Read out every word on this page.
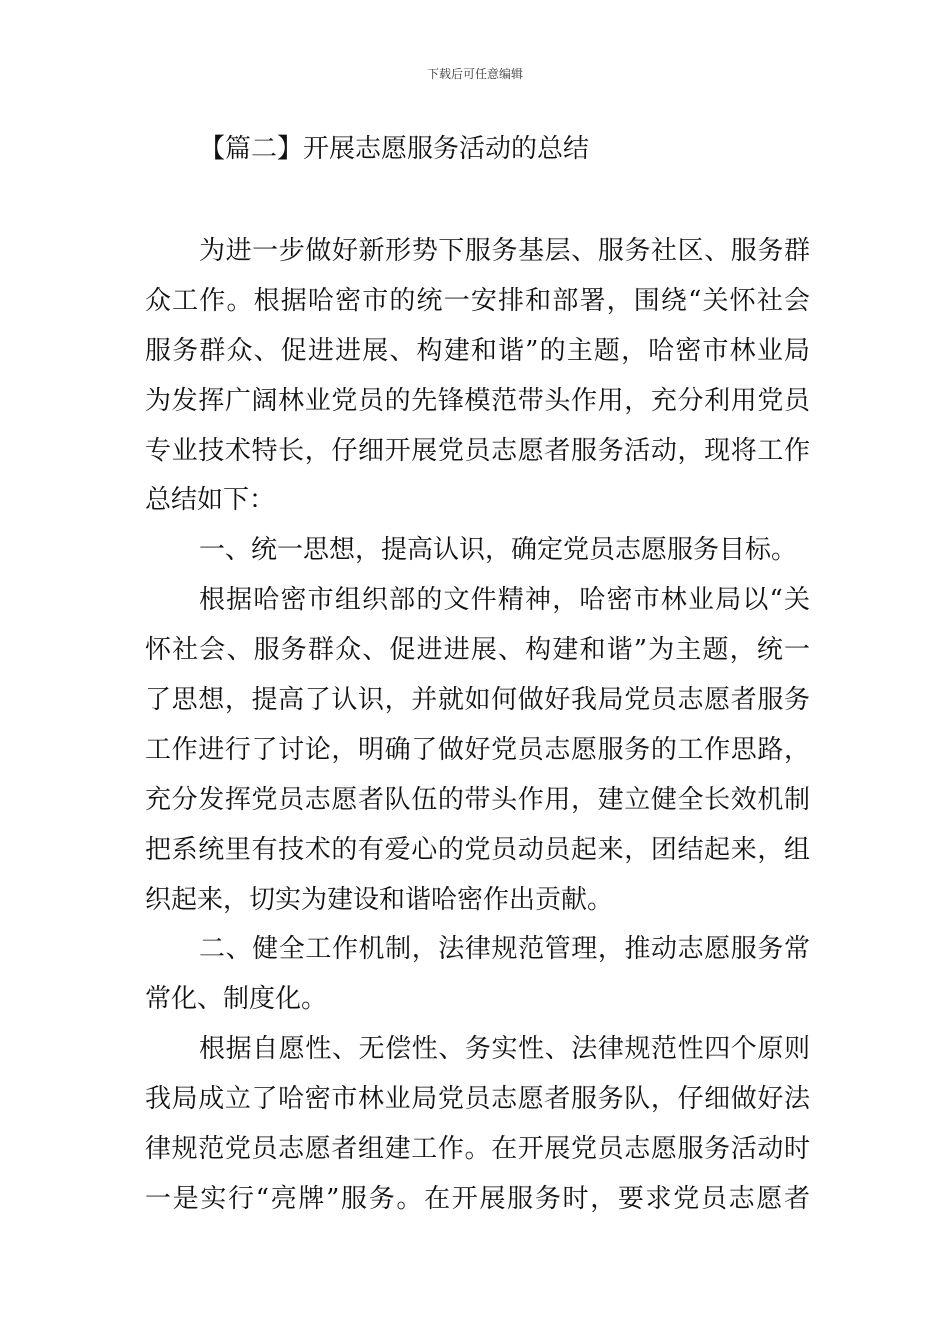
下载后可任意编辑
【篇二】开展志愿服务活动的总结
为进一步做好新形势下服务基层、服务社区、服务群
众工作。根据哈密市的统一安排和部署，围绕“关怀社会
服务群众、促进进展、构建和谐”的主题，哈密市林业局
为发挥广阔林业党员的先锋模范带头作用，充分利用党员
专业技术特长，仔细开展党员志愿者服务活动，现将工作
总结如下：
一、统一思想，提高认识，确定党员志愿服务目标。
根据哈密市组织部的文件精神，哈密市林业局以“关
怀社会、服务群众、促进进展、构建和谐”为主题，统一
了思想，提高了认识，并就如何做好我局党员志愿者服务
工作进行了讨论，明确了做好党员志愿服务的工作思路，
充分发挥党员志愿者队伍的带头作用，建立健全长效机制
把系统里有技术的有爱心的党员动员起来，团结起来，组
织起来，切实为建设和谐哈密作出贡献。
二、健全工作机制，法律规范管理，推动志愿服务常
常化、制度化。
根据自愿性、无偿性、务实性、法律规范性四个原则
我局成立了哈密市林业局党员志愿者服务队，仔细做好法
律规范党员志愿者组建工作。在开展党员志愿服务活动时
一是实行“亮牌”服务。在开展服务时，要求党员志愿者
